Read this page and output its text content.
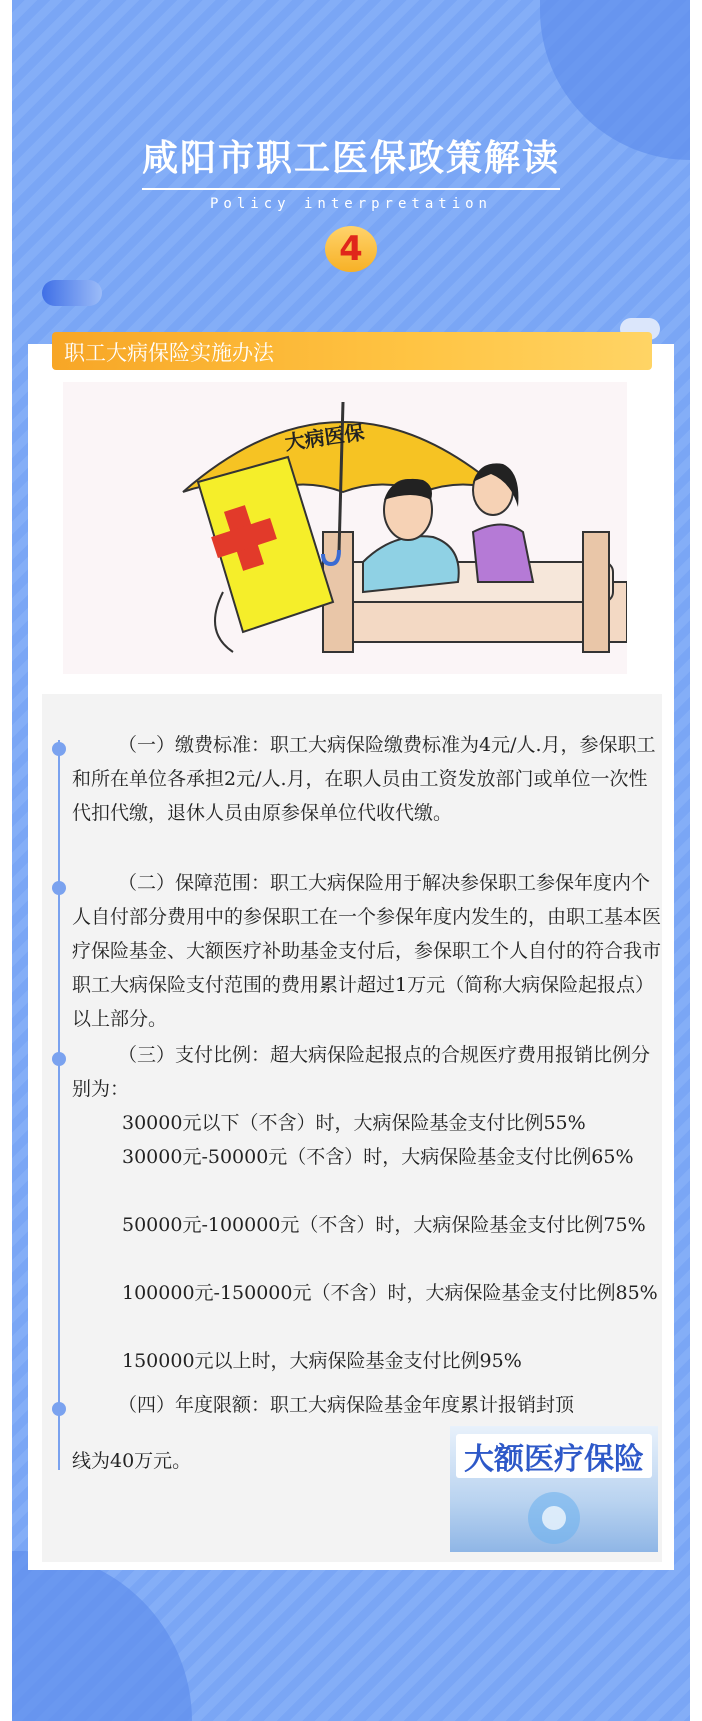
咸阳市职工医保政策解读
Policy interpretation
4
职工大病保险实施办法
大病医保
（一）缴费标准：职工大病保险缴费标准为4元/人.月，参保职工和所在单位各承担2元/人.月，在职人员由工资发放部门或单位一次性代扣代缴，退休人员由原参保单位代收代缴。
（二）保障范围：职工大病保险用于解决参保职工参保年度内个人自付部分费用中的参保职工在一个参保年度内发生的，由职工基本医疗保险基金、大额医疗补助基金支付后，参保职工个人自付的符合我市职工大病保险支付范围的费用累计超过1万元（简称大病保险起报点）以上部分。
（三）支付比例：超大病保险起报点的合规医疗费用报销比例分别为：
30000元以下（不含）时，大病保险基金支付比例55%
30000元-50000元（不含）时，大病保险基金支付比例65%
50000元-100000元（不含）时，大病保险基金支付比例75%
100000元-150000元（不含）时，大病保险基金支付比例85%
150000元以上时，大病保险基金支付比例95%
（四）年度限额：职工大病保险基金年度累计报销封顶
线为40万元。	大额医疗保险
